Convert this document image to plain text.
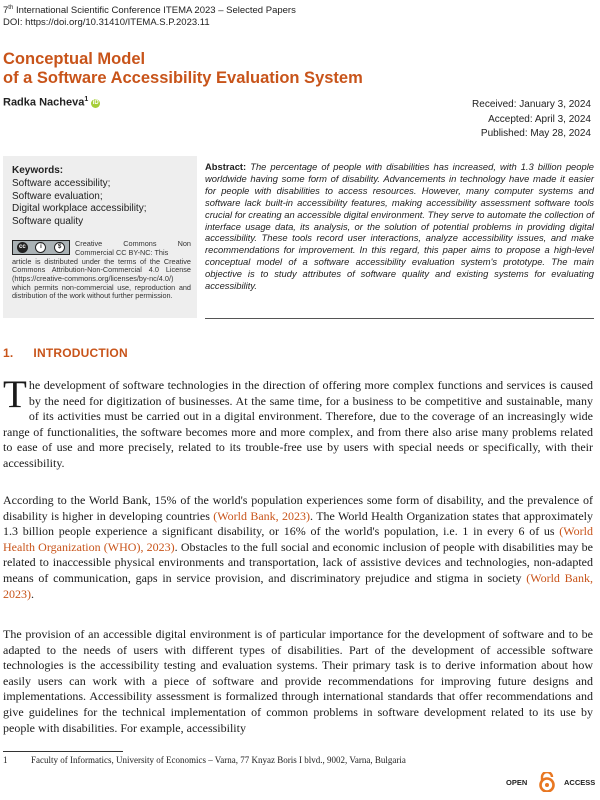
7th International Scientific Conference ITEMA 2023 – Selected Papers
DOI: https://doi.org/10.31410/ITEMA.S.P.2023.11
Conceptual Model
of a Software Accessibility Evaluation System
Radka Nacheva$^1$ iD	Received: January 3, 2024
Accepted: April 3, 2024
Published: May 28, 2024
Keywords:
Software accessibility;
Software evaluation;
Digital workplace accessibility;
Software quality
cc	i	$	Creative Commons Non Commercial CC BY-NC: This
article is distributed under the terms of the Creative Commons Attribution-Non-Commercial 4.0 License (https://creative-commons.org/licenses/by-nc/4.0/) which permits non-commercial use, reproduction and distribution of the work without further permission.
Abstract: The percentage of people with disabilities has increased, with 1.3 billion people worldwide having some form of disability. Advancements in technology have made it easier for people with disabilities to access resources. However, many computer systems and software lack built-in accessibility features, making accessibility assessment software tools crucial for creating an accessible digital environment. They serve to automate the collection of interface usage data, its analysis, or the solution of potential problems in providing digital accessibility. These tools record user interactions, analyze accessibility issues, and make recommendations for improvement. In this regard, this paper aims to propose a high-level conceptual model of a software accessibility evaluation system's prototype. The main objective is to study attributes of software quality and existing systems for evaluating accessibility.
1. INTRODUCTION
The development of software technologies in the direction of offering more complex functions and services is caused by the need for digitization of businesses. At the same time, for a business to be competitive and sustainable, many of its activities must be carried out in a digital environment. Therefore, due to the coverage of an increasingly wide range of functionalities, the software becomes more and more complex, and from there also arise many problems related to ease of use and more precisely, related to its trouble-free use by users with special needs or specifically, with their accessibility.
According to the World Bank, 15% of the world's population experiences some form of disability, and the prevalence of disability is higher in developing countries (World Bank, 2023). The World Health Organization states that approximately 1.3 billion people experience a significant disability, or 16% of the world's population, i.e. 1 in every 6 of us (World Health Organization (WHO), 2023). Obstacles to the full social and economic inclusion of people with disabilities may be related to inaccessible physical environments and transportation, lack of assistive devices and technologies, non-adapted means of communication, gaps in service provision, and discriminatory prejudice and stigma in society (World Bank, 2023).
The provision of an accessible digital environment is of particular importance for the development of software and to be adapted to the needs of users with different types of disabilities. Part of the development of accessible software technologies is the accessibility testing and evaluation systems. Their primary task is to derive information about how easily users can work with a piece of software and provide recommendations for improving future designs and implementations. Accessibility assessment is formalized through international standards that offer recommendations and give guidelines for the technical implementation of common problems in software development related to its use by people with disabilities. For example, accessibility
1	Faculty of Informatics, University of Economics – Varna, 77 Knyaz Boris I blvd., 9002, Varna, Bulgaria
OPEN	ACCESS
